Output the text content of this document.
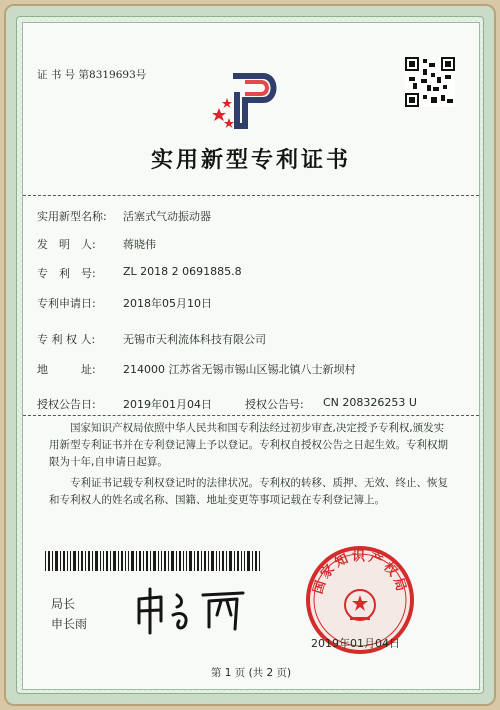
证 书 号 第8319693号
实用新型专利证书
实用新型名称: 活塞式气动振动器
发　明　人: 蒋晓伟
专　利　号: ZL 2018 2 0691885.8
专利申请日: 2018年05月10日
专 利 权 人:	无锡市天利流体科技有限公司
地　　　址: 214000 江苏省无锡市锡山区锡北镇八士新坝村
授权公告日: 2019年01月04日	授权公告号: CN 208326253 U
国家知识产权局依照中华人民共和国专利法经过初步审查,决定授予专利权,颁发实用新型专利证书并在专利登记簿上予以登记。专利权自授权公告之日起生效。专利权期限为十年,自申请日起算。
专利证书记载专利权登记时的法律状况。专利权的转移、质押、无效、终止、恢复和专利权人的姓名或名称、国籍、地址变更等事项记载在专利登记簿上。
局长
申长雨
国家知识产权局
2019年01月04日
第 1 页 (共 2 页)
